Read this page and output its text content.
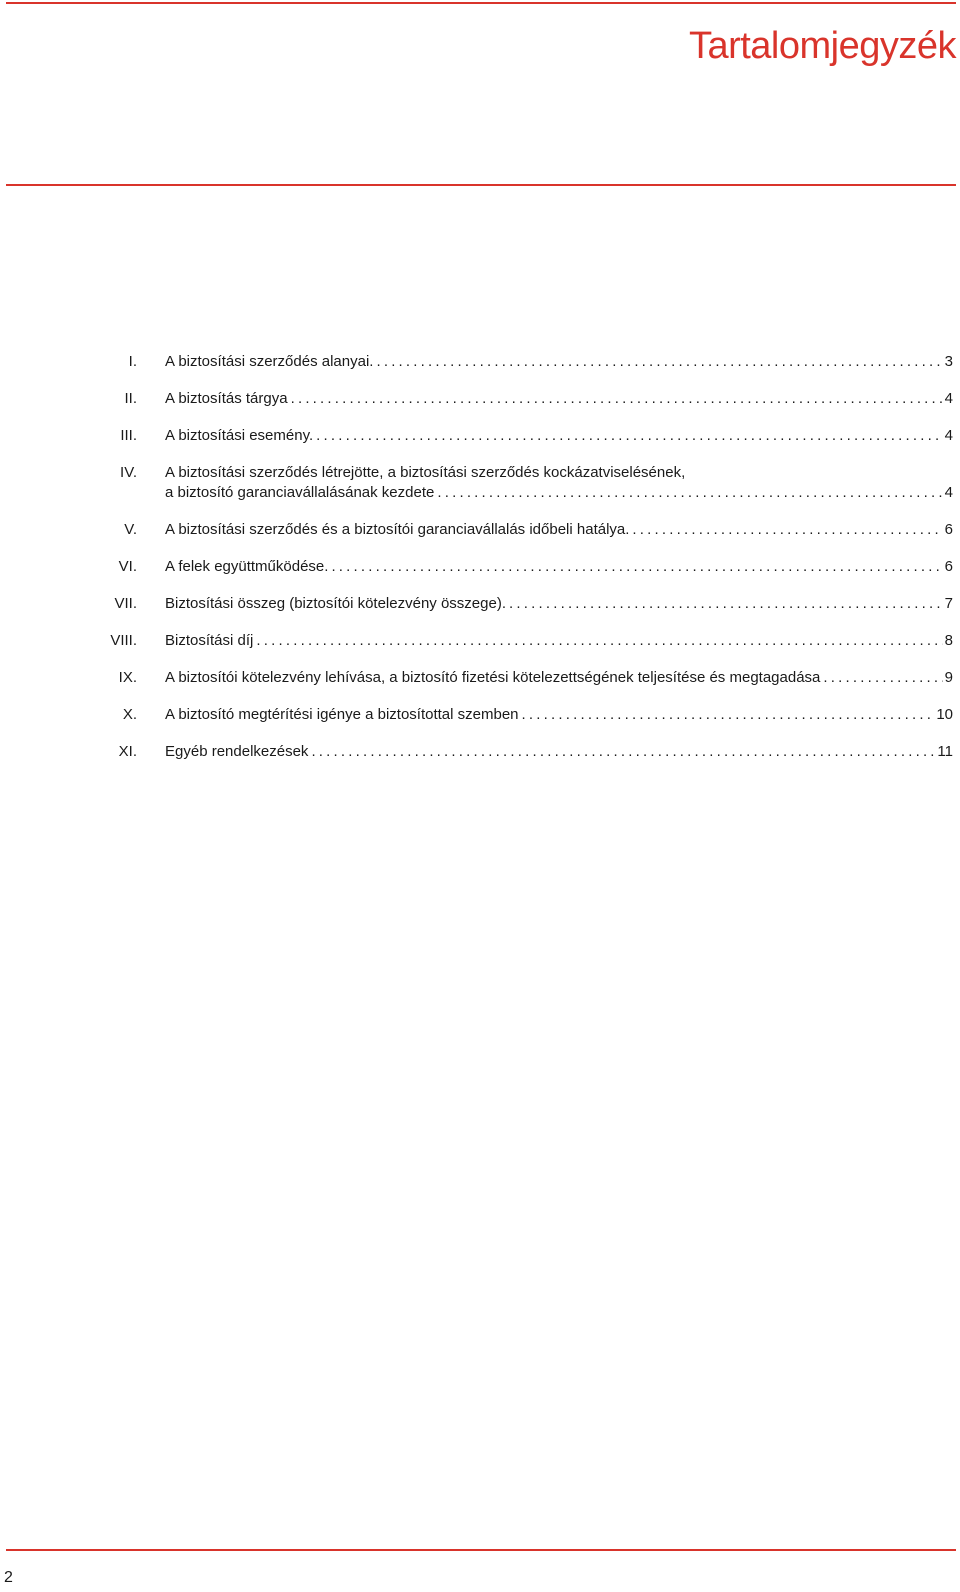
Tartalomjegyzék
I. A biztosítási szerződés alanyai. .....	3
II. A biztosítás tárgya .....	4
III. A biztosítási esemény. .....	4
IV. A biztosítási szerződés létrejötte, a biztosítási szerződés kockázatviselésének,
a biztosító garanciavállalásának kezdete .....	4
V. A biztosítási szerződés és a biztosítói garanciavállalás időbeli hatálya. .....	6
VI. A felek együttműködése. .....	6
VII. Biztosítási összeg (biztosítói kötelezvény összege). .....	7
VIII. Biztosítási díj .....	8
IX. A biztosítói kötelezvény lehívása, a biztosító fizetési kötelezettségének teljesítése és megtagadása .....	9
X. A biztosító megtérítési igénye a biztosítottal szemben .....	10
XI. Egyéb rendelkezések .....	11
2
